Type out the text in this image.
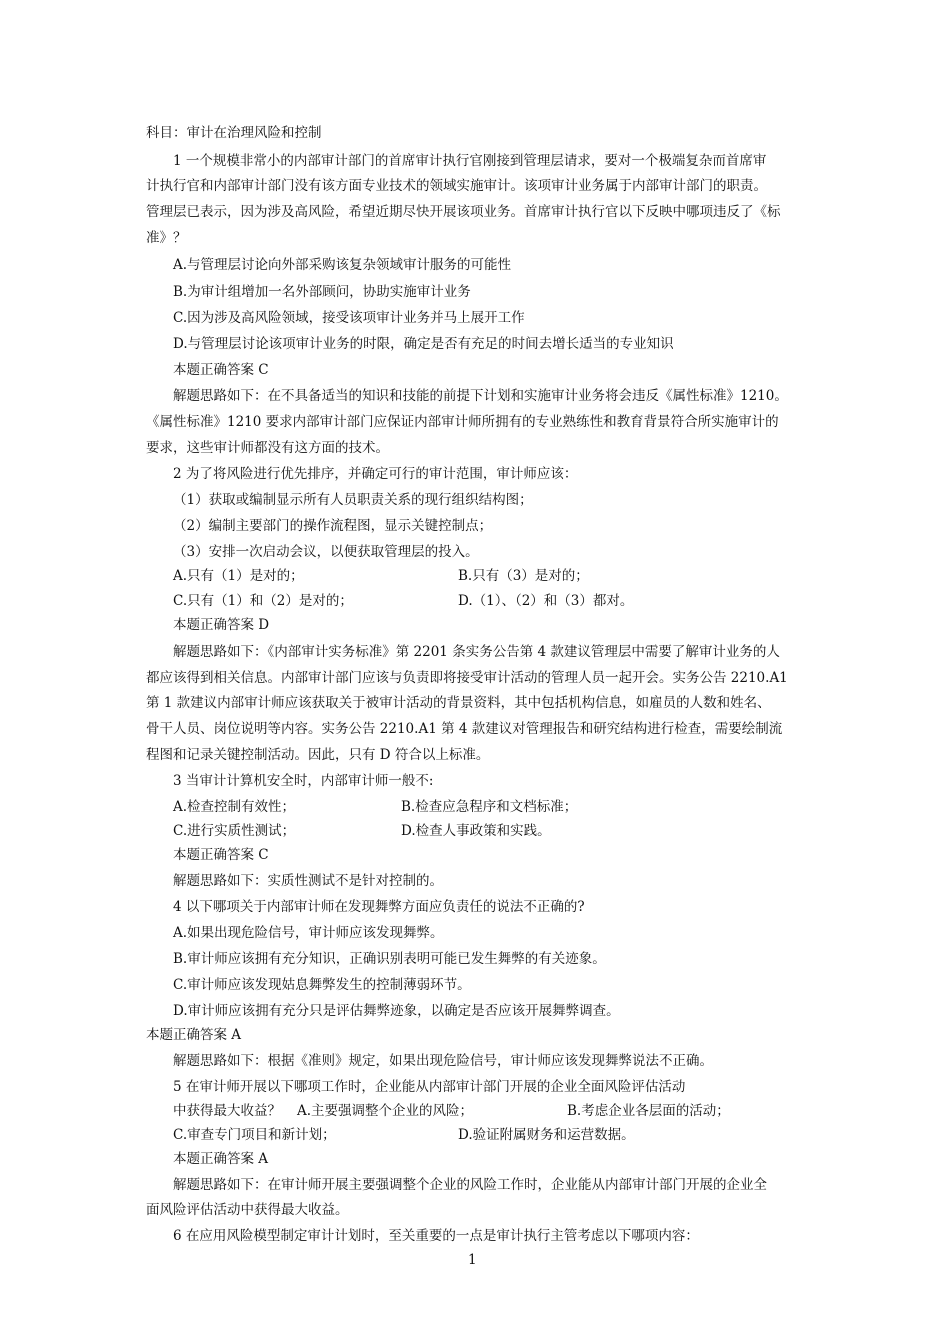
科目：审计在治理风险和控制
1 一个规模非常小的内部审计部门的首席审计执行官刚接到管理层请求，要对一个极端复杂而首席审
计执行官和内部审计部门没有该方面专业技术的领域实施审计。该项审计业务属于内部审计部门的职责。
管理层已表示，因为涉及高风险，希望近期尽快开展该项业务。首席审计执行官以下反映中哪项违反了《标
准》？
A.与管理层讨论向外部采购该复杂领域审计服务的可能性
B.为审计组增加一名外部顾问，协助实施审计业务
C.因为涉及高风险领域，接受该项审计业务并马上展开工作
D.与管理层讨论该项审计业务的时限，确定是否有充足的时间去增长适当的专业知识
本题正确答案 C
解题思路如下：在不具备适当的知识和技能的前提下计划和实施审计业务将会违反《属性标准》1210。
《属性标准》1210 要求内部审计部门应保证内部审计师所拥有的专业熟练性和教育背景符合所实施审计的
要求，这些审计师都没有这方面的技术。
2 为了将风险进行优先排序，并确定可行的审计范围，审计师应该：
（1）获取或编制显示所有人员职责关系的现行组织结构图；
（2）编制主要部门的操作流程图，显示关键控制点；
（3）安排一次启动会议，以便获取管理层的投入。
A.只有（1）是对的；	B.只有（3）是对的；
C.只有（1）和（2）是对的；	D.（1）、（2）和（3）都对。
本题正确答案 D
解题思路如下：《内部审计实务标准》第 2201 条实务公告第 4 款建议管理层中需要了解审计业务的人
都应该得到相关信息。内部审计部门应该与负责即将接受审计活动的管理人员一起开会。实务公告 2210.A1
第 1 款建议内部审计师应该获取关于被审计活动的背景资料，其中包括机构信息，如雇员的人数和姓名、
骨干人员、岗位说明等内容。实务公告 2210.A1 第 4 款建议对管理报告和研究结构进行检查，需要绘制流
程图和记录关键控制活动。因此，只有 D 符合以上标准。
3 当审计计算机安全时，内部审计师一般不:
A.检查控制有效性；	B.检查应急程序和文档标准；
C.进行实质性测试；	D.检查人事政策和实践。
本题正确答案 C
解题思路如下：实质性测试不是针对控制的。
4 以下哪项关于内部审计师在发现舞弊方面应负责任的说法不正确的?
A.如果出现危险信号，审计师应该发现舞弊。
B.审计师应该拥有充分知识，正确识别表明可能已发生舞弊的有关迹象。
C.审计师应该发现姑息舞弊发生的控制薄弱环节。
D.审计师应该拥有充分只是评估舞弊迹象，以确定是否应该开展舞弊调查。
本题正确答案 A
解题思路如下：根据《准则》规定，如果出现危险信号，审计师应该发现舞弊说法不正确。
5 在审计师开展以下哪项工作时，企业能从内部审计部门开展的企业全面风险评估活动
中获得最大收益？ A.主要强调整个企业的风险；	B.考虑企业各层面的活动；
C.审查专门项目和新计划；	D.验证附属财务和运营数据。
本题正确答案 A
解题思路如下：在审计师开展主要强调整个企业的风险工作时，企业能从内部审计部门开展的企业全
面风险评估活动中获得最大收益。
6 在应用风险模型制定审计计划时，至关重要的一点是审计执行主管考虑以下哪项内容：
1
